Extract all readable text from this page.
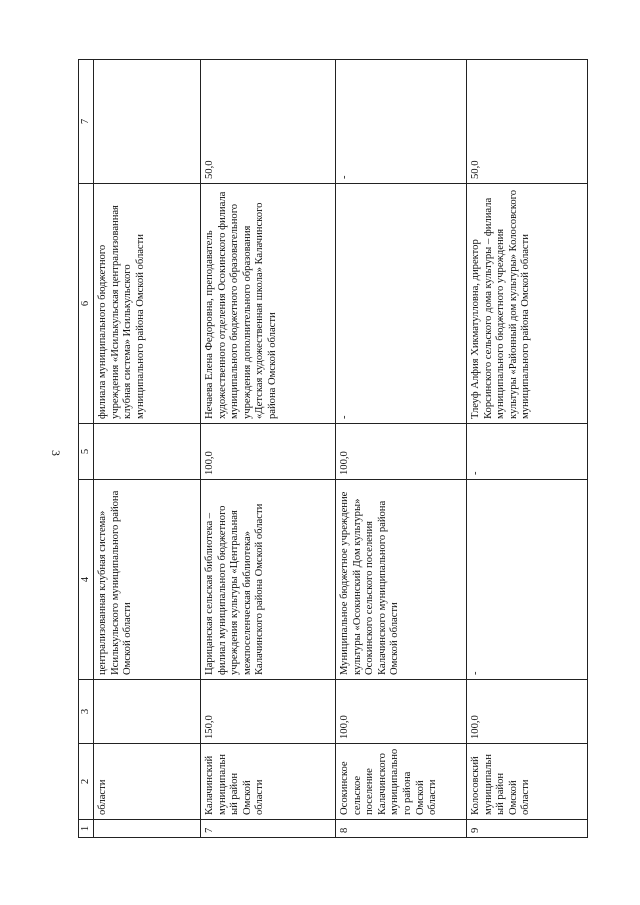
3
1	2	3	4	5	6	7
	области		централизованная клубная система» Исилькульского муниципального района Омской области		филиала муниципального бюджетного учреждения «Исилькульская централизованная клубная система» Исилькульского муниципального района Омской области	
7	Калачинский муниципальный район Омской области	150,0	Царицанская сельская библиотека – филиал муниципального бюджетного учреждения культуры «Центральная межпоселенческая библиотека» Калачинского района Омской области	100,0	Нечаева Елена Федоровна, преподаватель художественного отделения Осокинского филиала муниципального бюджетного образовательного учреждения дополнительного образования «Детская художественная школа» Калачинского района Омской области	50,0
8	Осокинское сельское поселение Калачинского муниципального района Омской области	100,0	Муниципальное бюджетное учреждение культуры «Осокинский Дом культуры» Осокинского сельского поселения Калачинского муниципального района Омской области	100,0	-	-
9	Колосовский муниципальный район Омской области	100,0	-	-	Тлеуф Алфия Хикматулловна, директор Корсинского сельского дома культуры – филиала муниципального бюджетного учреждения культуры «Районный дом культуры» Колосовского муниципального района Омской области	50,0
